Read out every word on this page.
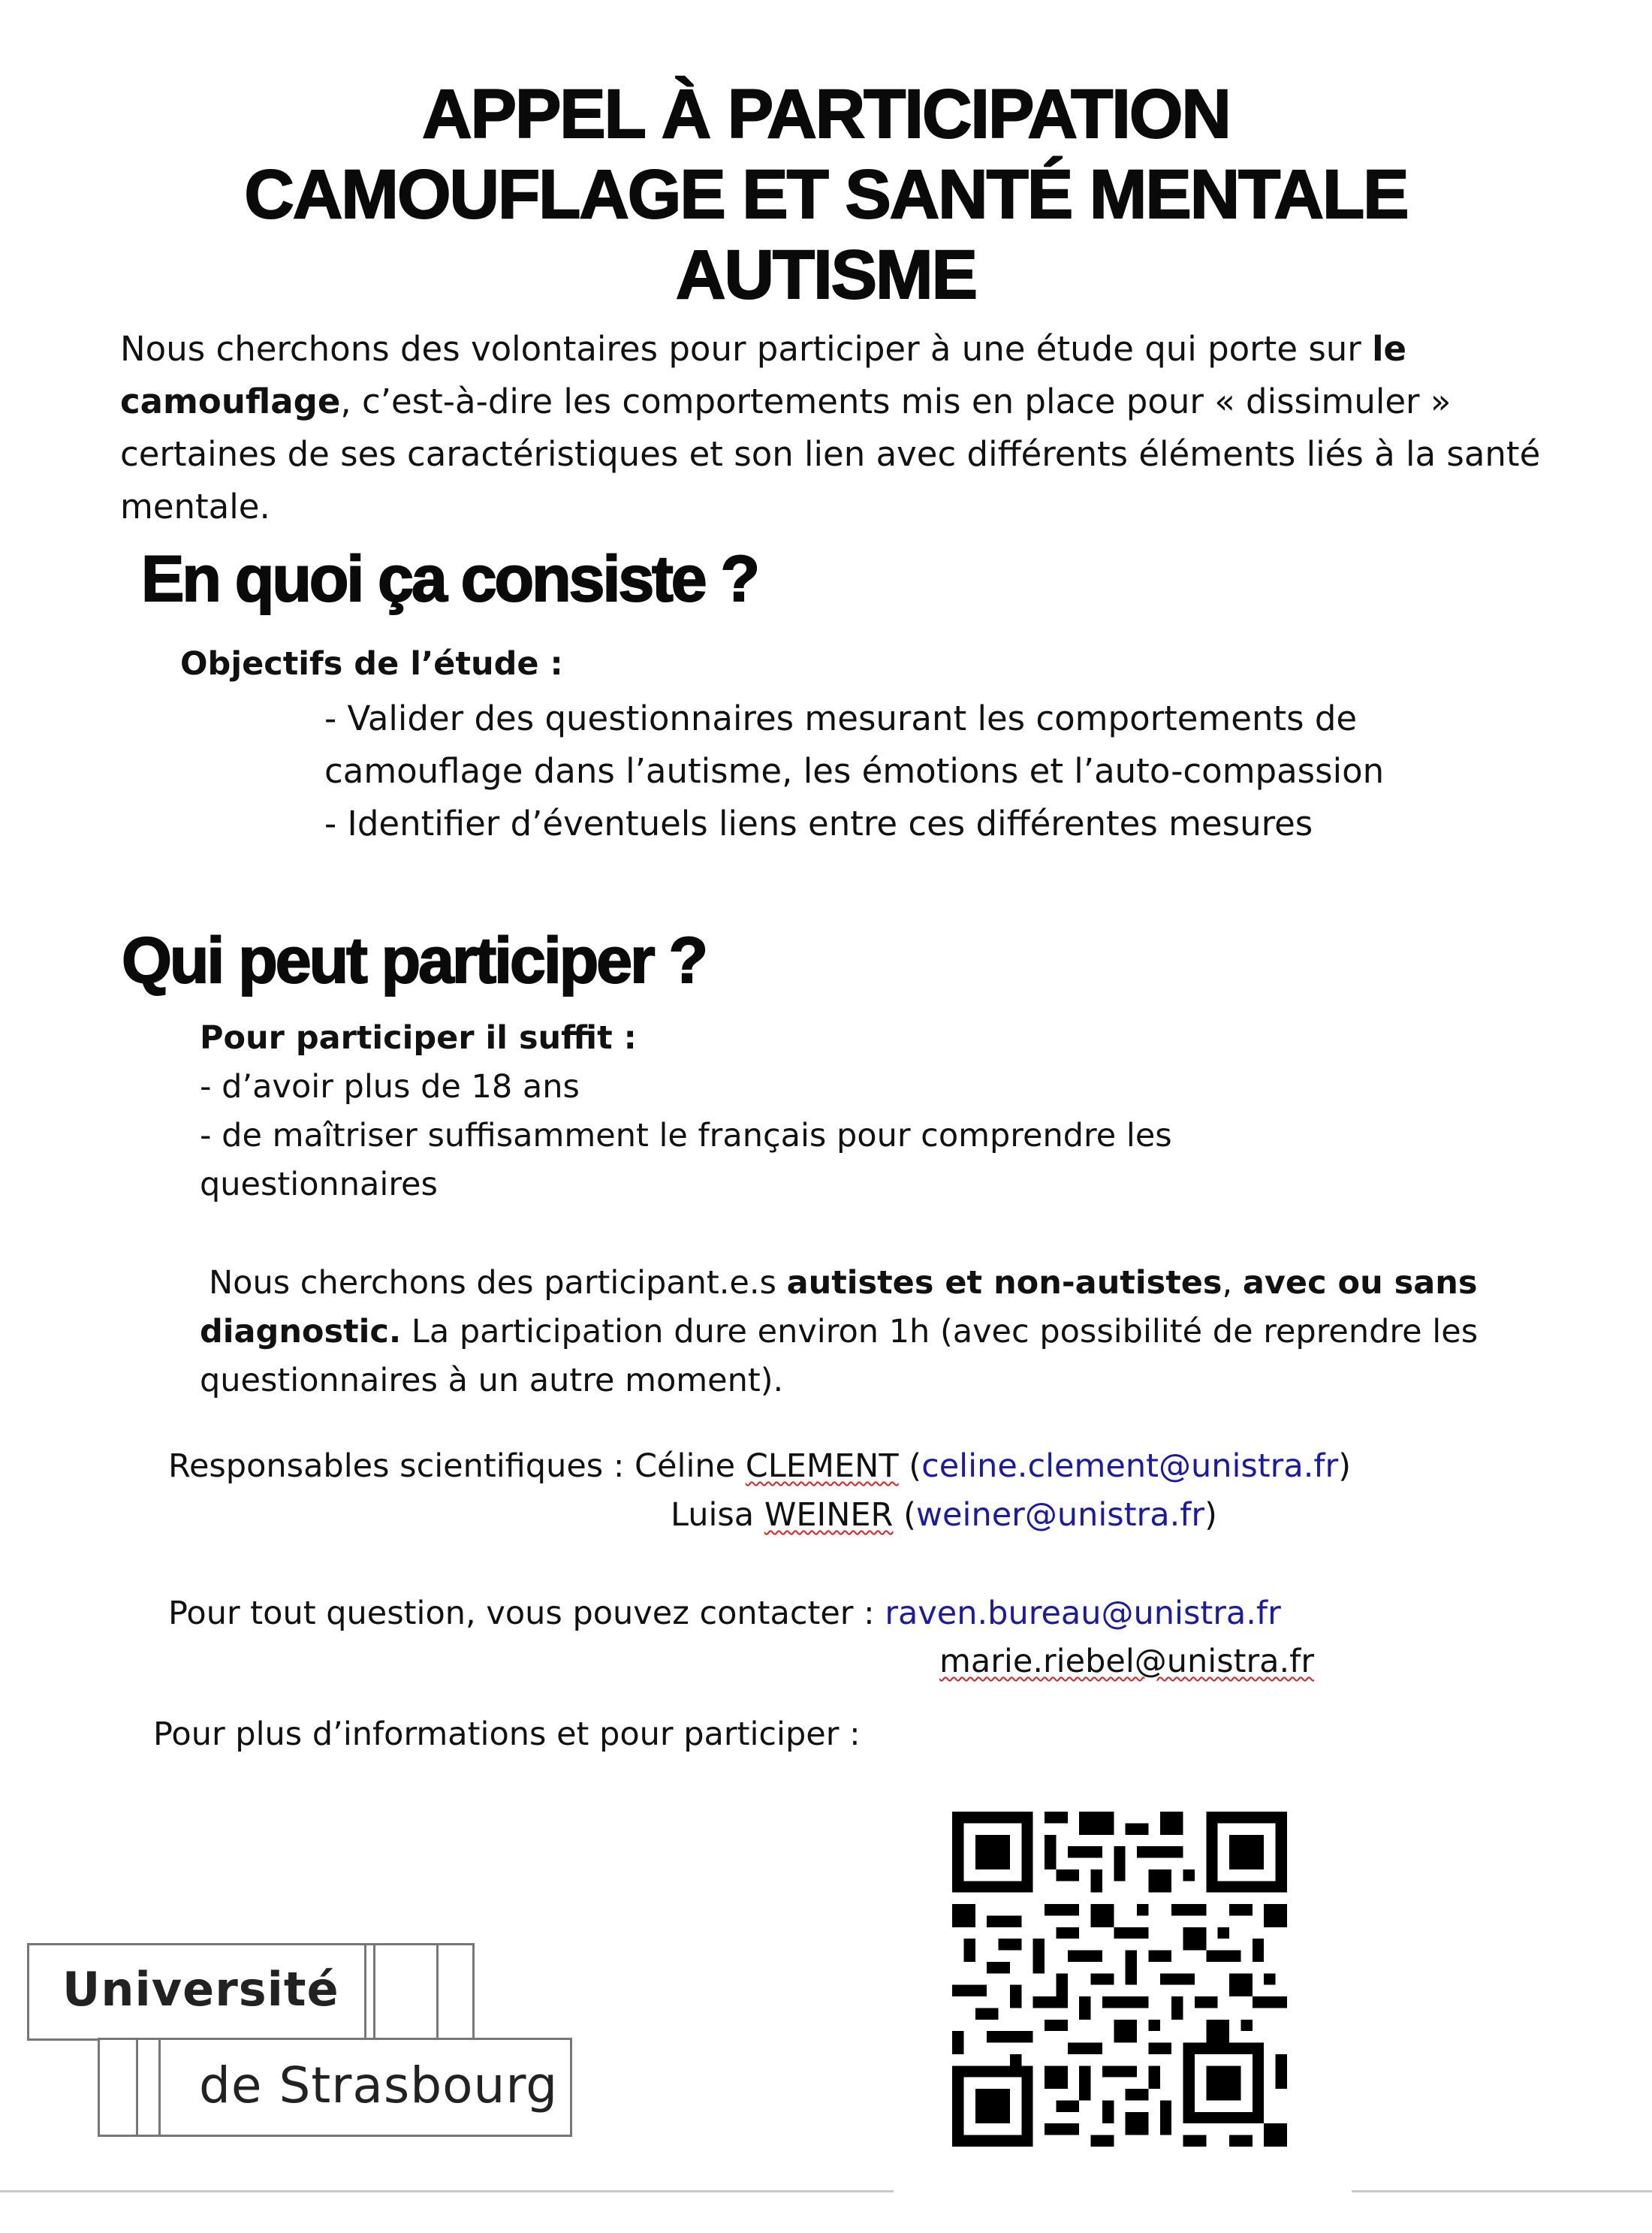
APPEL À PARTICIPATION
CAMOUFLAGE ET SANTÉ MENTALE
AUTISME
Nous cherchons des volontaires pour participer à une étude qui porte sur le camouflage, c’est-à-dire les comportements mis en place pour « dissimuler » certaines de ses caractéristiques et son lien avec différents éléments liés à la santé mentale.
En quoi ça consiste ?
Objectifs de l’étude :
- Valider des questionnaires mesurant les comportements de camouflage dans l’autisme, les émotions et l’auto-compassion
- Identifier d’éventuels liens entre ces différentes mesures
Qui peut participer ?
Pour participer il suffit :
- d’avoir plus de 18 ans
- de maîtriser suffisamment le français pour comprendre les questionnaires
Nous cherchons des participant.e.s autistes et non-autistes, avec ou sans diagnostic. La participation dure environ 1h (avec possibilité de reprendre les questionnaires à un autre moment).
Responsables scientifiques : Céline CLEMENT (celine.clement@unistra.fr)
Luisa WEINER (weiner@unistra.fr)
Pour tout question, vous pouvez contacter : raven.bureau@unistra.fr
marie.riebel@unistra.fr
Pour plus d’informations et pour participer :
Université
de Strasbourg
